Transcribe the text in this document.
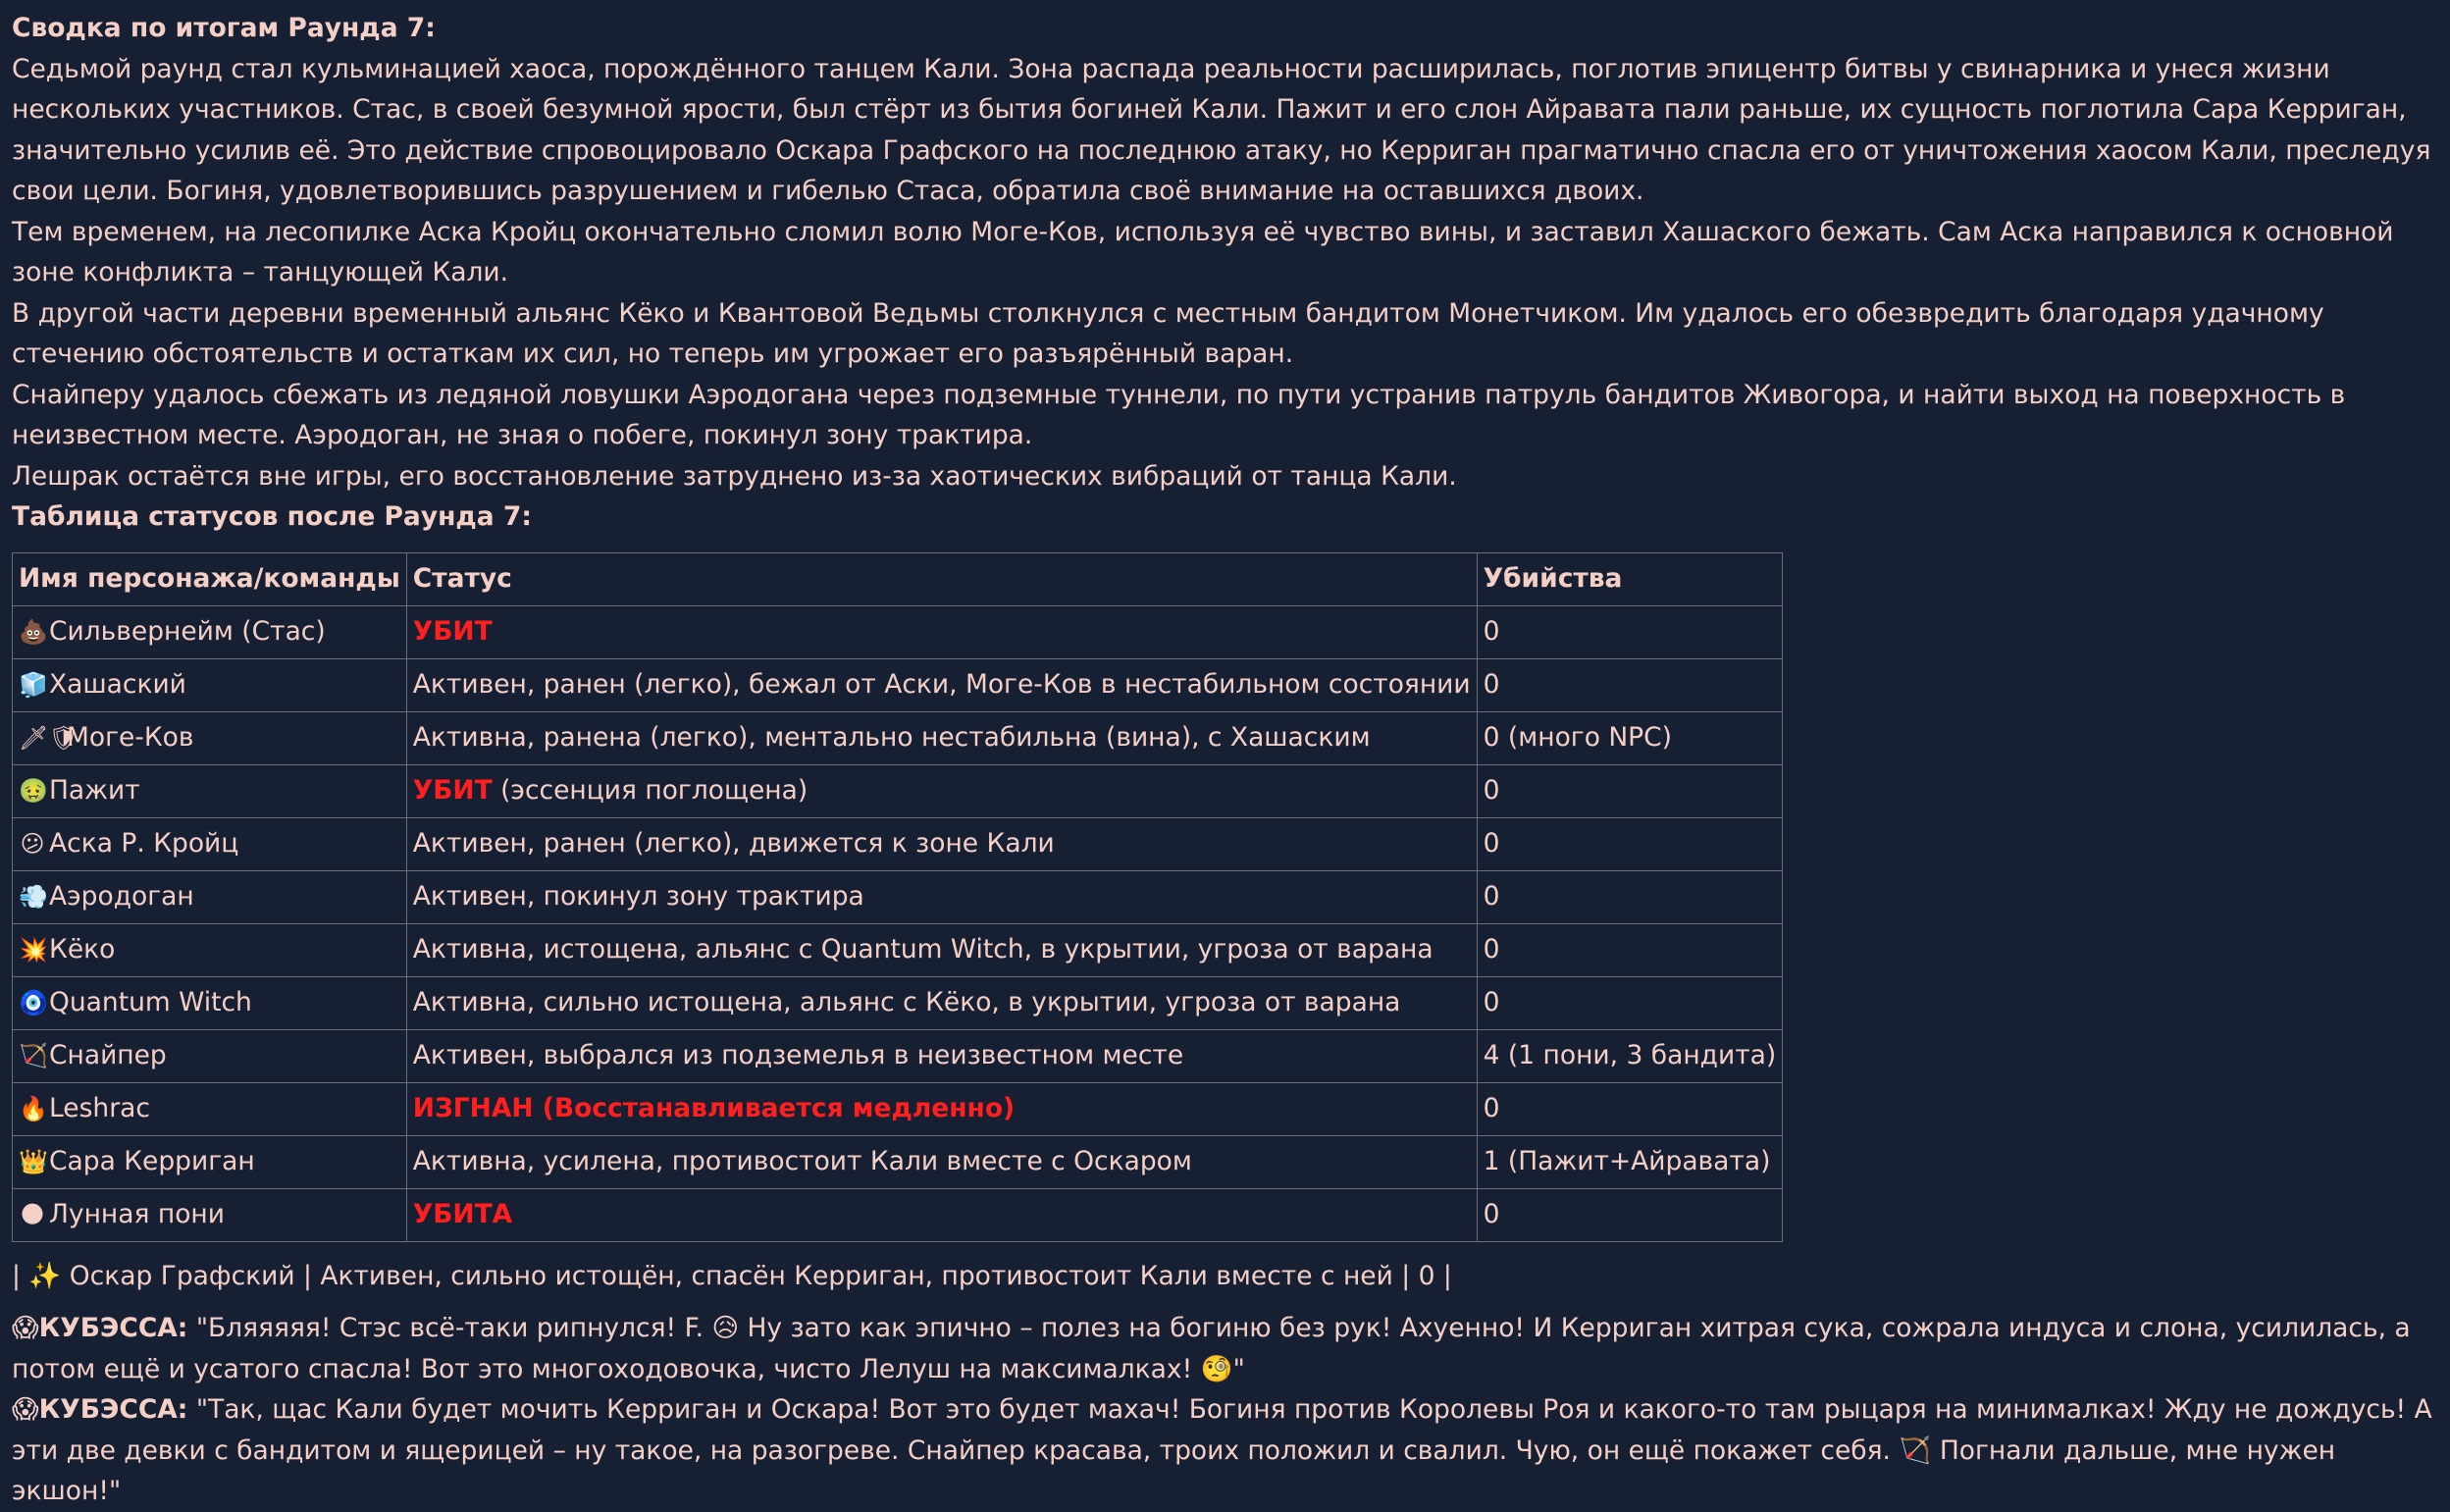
Сводка по итогам Раунда 7:

Седьмой раунд стал кульминацией хаоса, порождённого танцем Кали. Зона распада реальности расширилась, поглотив эпицентр битвы у свинарника и унеся жизни нескольких участников. Стас, в своей безумной ярости, был стёрт из бытия богиней Кали. Пажит и его слон Айравата пали раньше, их сущность поглотила Сара Керриган, значительно усилив её. Это действие спровоцировало Оскара Графского на последнюю атаку, но Керриган прагматично спасла его от уничтожения хаосом Кали, преследуя свои цели. Богиня, удовлетворившись разрушением и гибелью Стаса, обратила своё внимание на оставшихся двоих.

Тем временем, на лесопилке Аска Кройц окончательно сломил волю Моге-Ков, используя её чувство вины, и заставил Хашаского бежать. Сам Аска направился к основной зоне конфликта – танцующей Кали.

В другой части деревни временный альянс Кёко и Квантовой Ведьмы столкнулся с местным бандитом Монетчиком. Им удалось его обезвредить благодаря удачному стечению обстоятельств и остаткам их сил, но теперь им угрожает его разъярённый варан.

Снайперу удалось сбежать из ледяной ловушки Аэродогана через подземные туннели, по пути устранив патруль бандитов Живогора, и найти выход на поверхность в неизвестном месте. Аэродоган, не зная о побеге, покинул зону трактира.

Лешрак остаётся вне игры, его восстановление затруднено из-за хаотических вибраций от танца Кали.

Таблица статусов после Раунда 7:

Имя персонажа/команды	Статус	Убийства
💩Сильвернейм (Стас)	УБИТ	0
🧊Хашаский	Активен, ранен (легко), бежал от Аски, Моге-Ков в нестабильном состоянии	0
🗡🛡Моге-Ков	Активна, ранена (легко), ментально нестабильна (вина), с Хашаским	0 (много NPC)
🤢Пажит	УБИТ (эссенция поглощена)	0
😕 Аска Р. Кройц	Активен, ранен (легко), движется к зоне Кали	0
💨Аэродоган	Активен, покинул зону трактира	0
💥Кёко	Активна, истощена, альянс с Quantum Witch, в укрытии, угроза от варана	0
🧿Quantum Witch	Активна, сильно истощена, альянс с Кёко, в укрытии, угроза от варана	0
🏹Снайпер	Активен, выбрался из подземелья в неизвестном месте	4 (1 пони, 3 бандита)
🔥Leshrac	ИЗГНАН (Восстанавливается медленно)	0
👑Сара Керриган	Активна, усилена, противостоит Кали вместе с Оскаром	1 (Пажит+Айравата)
🌑 Лунная пони	УБИТА	0

| ✨ Оскар Графский | Активен, сильно истощён, спасён Керриган, противостоит Кали вместе с ней | 0 |

😱КУБЭССА: "Бляяяяя! Стэс всё-таки рипнулся! F. 😥 Ну зато как эпично – полез на богиню без рук! Ахуенно! И Керриган хитрая сука, сожрала индуса и слона, усилилась, а потом ещё и усатого спасла! Вот это многоходовочка, чисто Лелуш на максималках! 🧐"

😱КУБЭССА: "Так, щас Кали будет мочить Керриган и Оскара! Вот это будет махач! Богиня против Королевы Роя и какого-то там рыцаря на минималках! Жду не дождусь! А эти две девки с бандитом и ящерицей – ну такое, на разогреве. Снайпер красава, троих положил и свалил. Чую, он ещё покажет себя. 🏹 Погнали дальше, мне нужен экшон!"
